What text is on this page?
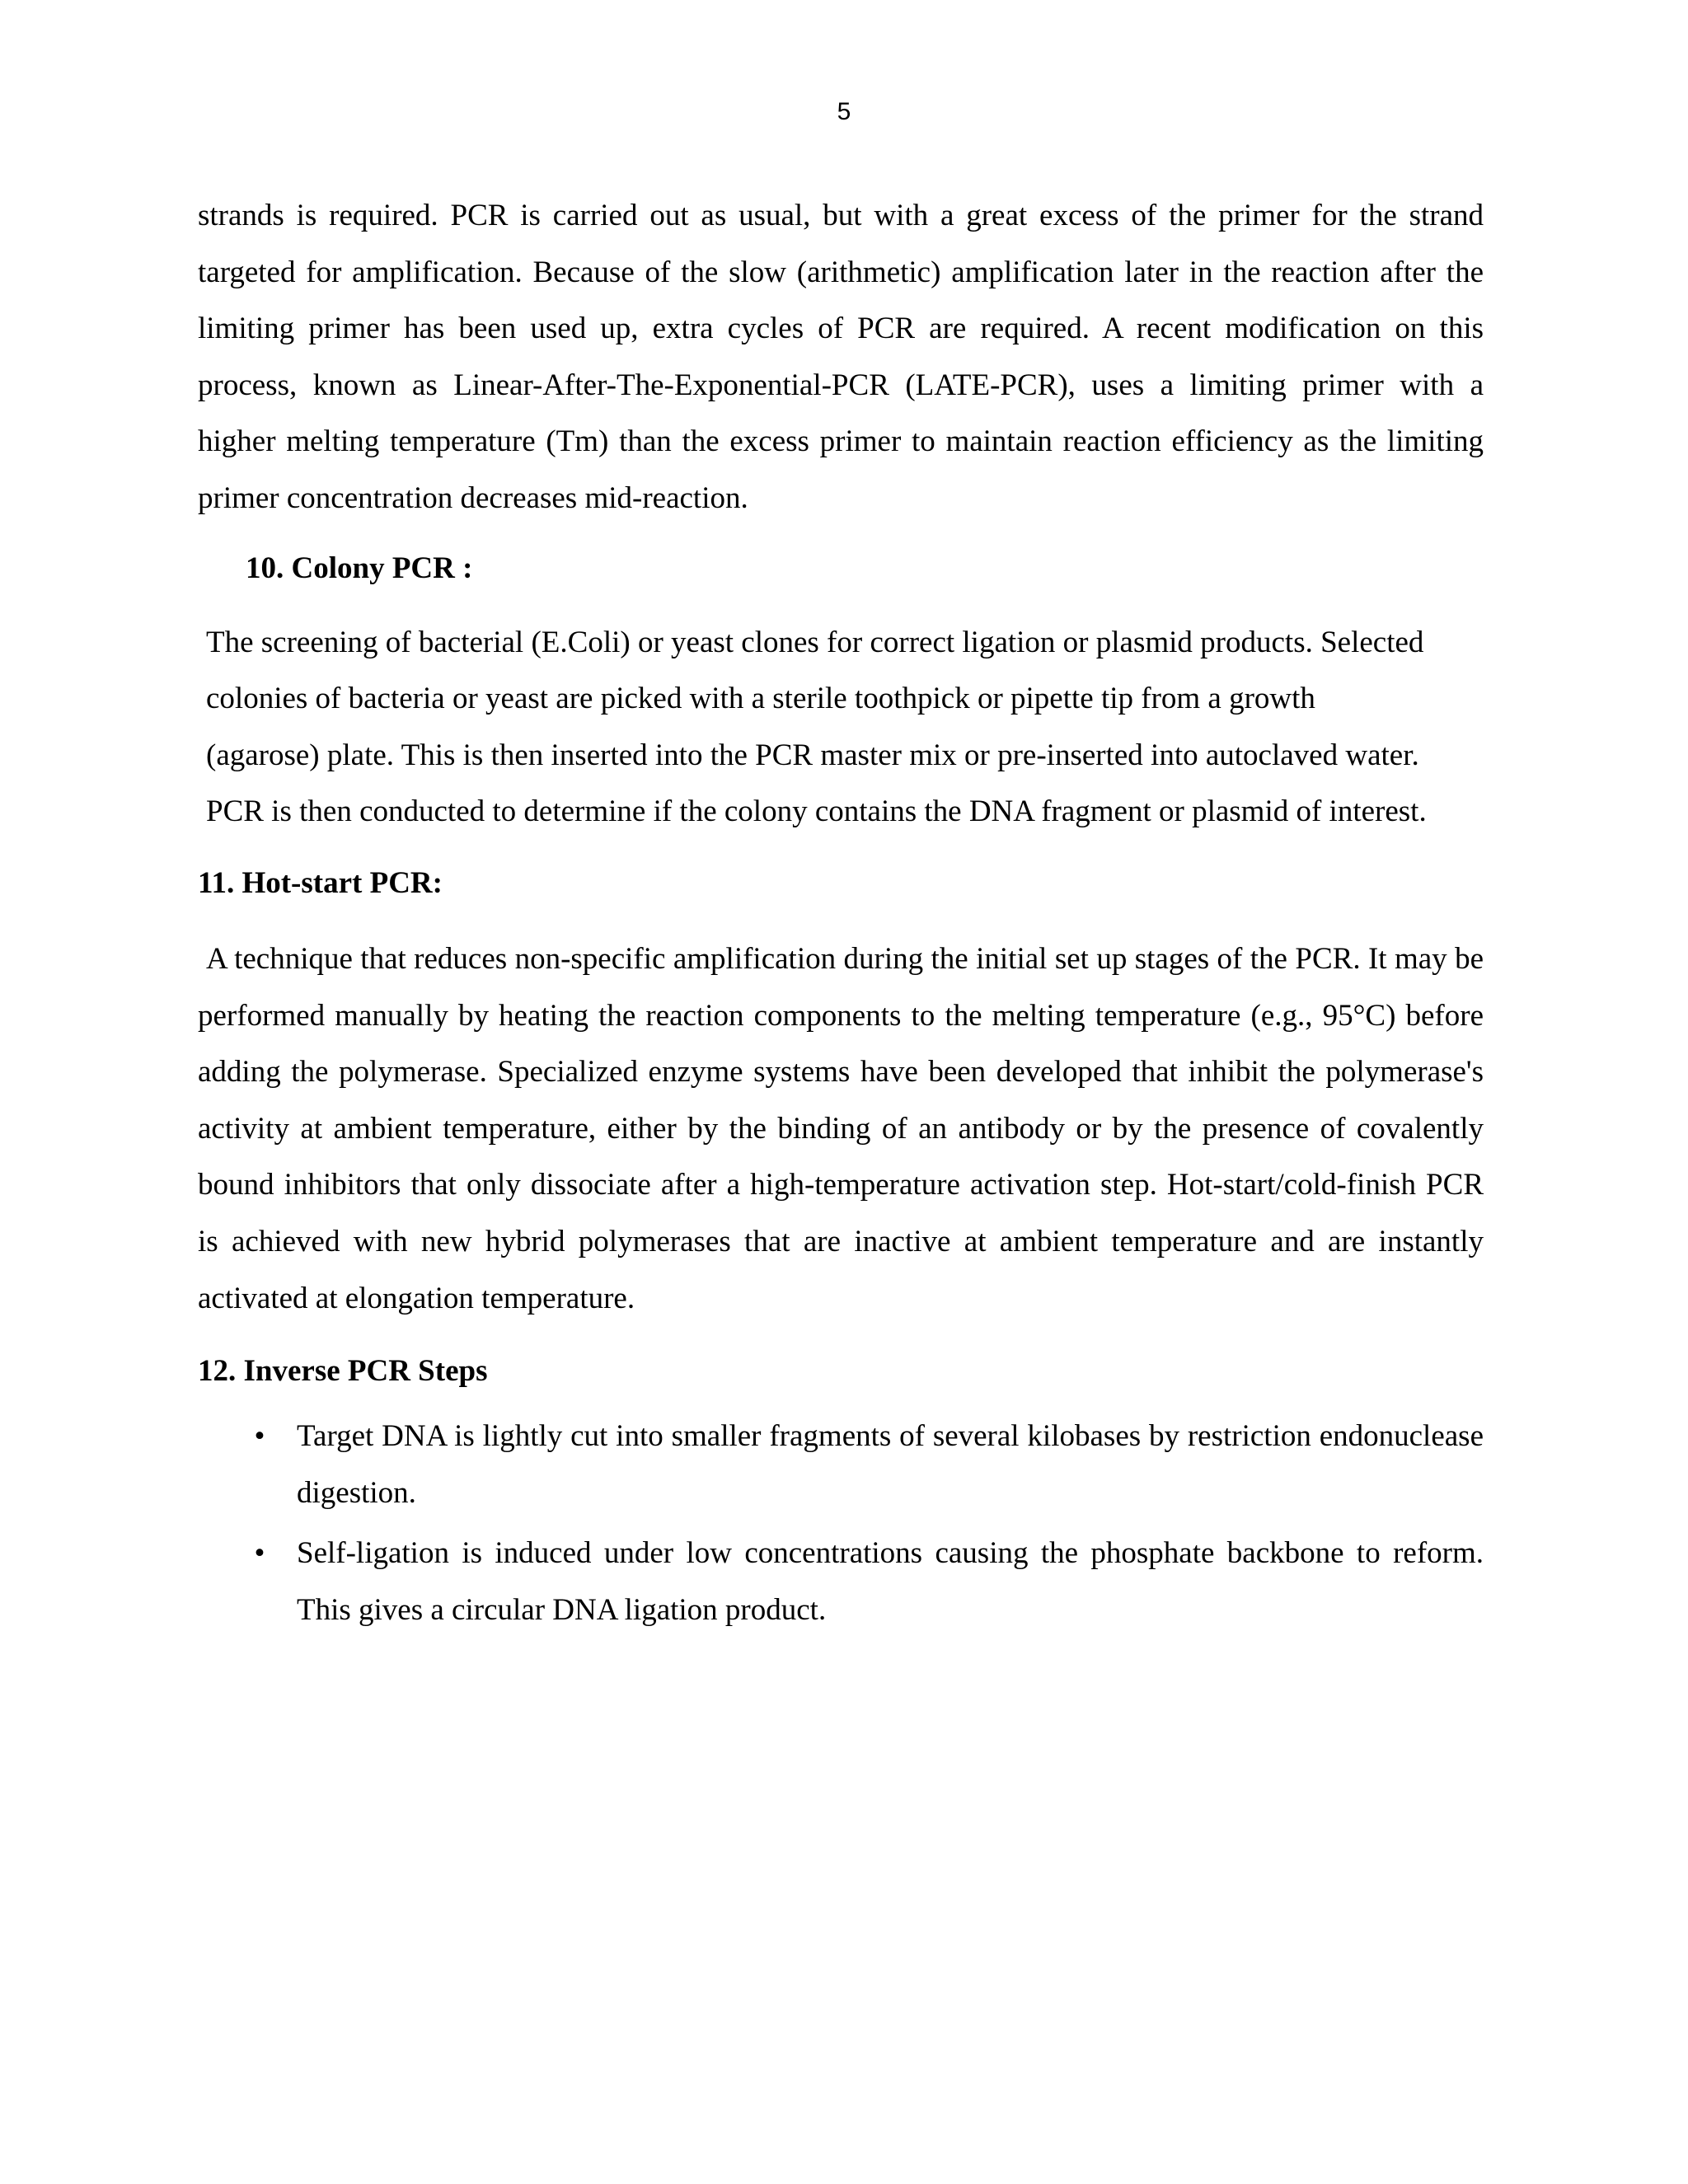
5

strands is required. PCR is carried out as usual, but with a great excess of the primer for the strand targeted for amplification. Because of the slow (arithmetic) amplification later in the reaction after the limiting primer has been used up, extra cycles of PCR are required. A recent modification on this process, known as Linear-After-The-Exponential-PCR (LATE-PCR), uses a limiting primer with a higher melting temperature (Tm) than the excess primer to maintain reaction efficiency as the limiting primer concentration decreases mid-reaction.

10. Colony PCR :

The screening of bacterial (E.Coli) or yeast clones for correct ligation or plasmid products. Selected colonies of bacteria or yeast are picked with a sterile toothpick or pipette tip from a growth (agarose) plate. This is then inserted into the PCR master mix or pre-inserted into autoclaved water. PCR is then conducted to determine if the colony contains the DNA fragment or plasmid of interest.

11. Hot-start PCR:

A technique that reduces non-specific amplification during the initial set up stages of the PCR. It may be performed manually by heating the reaction components to the melting temperature (e.g., 95°C) before adding the polymerase. Specialized enzyme systems have been developed that inhibit the polymerase's activity at ambient temperature, either by the binding of an antibody or by the presence of covalently bound inhibitors that only dissociate after a high-temperature activation step. Hot-start/cold-finish PCR is achieved with new hybrid polymerases that are inactive at ambient temperature and are instantly activated at elongation temperature.

12. Inverse PCR Steps
• Target DNA is lightly cut into smaller fragments of several kilobases by restriction endonuclease digestion.
• Self-ligation is induced under low concentrations causing the phosphate backbone to reform. This gives a circular DNA ligation product.
